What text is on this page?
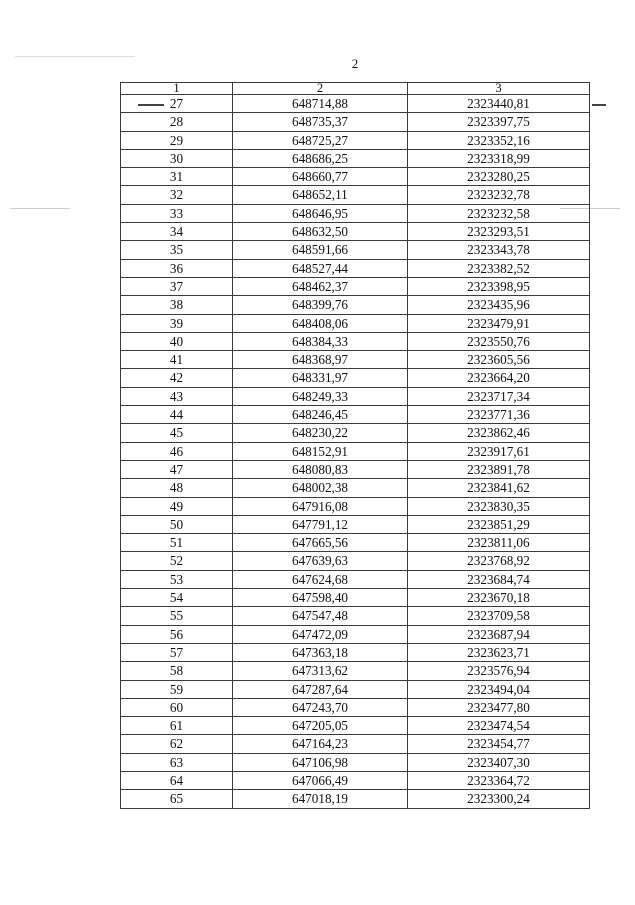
2
1	2	3
27	648714,88	2323440,81
28	648735,37	2323397,75
29	648725,27	2323352,16
30	648686,25	2323318,99
31	648660,77	2323280,25
32	648652,11	2323232,78
33	648646,95	2323232,58
34	648632,50	2323293,51
35	648591,66	2323343,78
36	648527,44	2323382,52
37	648462,37	2323398,95
38	648399,76	2323435,96
39	648408,06	2323479,91
40	648384,33	2323550,76
41	648368,97	2323605,56
42	648331,97	2323664,20
43	648249,33	2323717,34
44	648246,45	2323771,36
45	648230,22	2323862,46
46	648152,91	2323917,61
47	648080,83	2323891,78
48	648002,38	2323841,62
49	647916,08	2323830,35
50	647791,12	2323851,29
51	647665,56	2323811,06
52	647639,63	2323768,92
53	647624,68	2323684,74
54	647598,40	2323670,18
55	647547,48	2323709,58
56	647472,09	2323687,94
57	647363,18	2323623,71
58	647313,62	2323576,94
59	647287,64	2323494,04
60	647243,70	2323477,80
61	647205,05	2323474,54
62	647164,23	2323454,77
63	647106,98	2323407,30
64	647066,49	2323364,72
65	647018,19	2323300,24
